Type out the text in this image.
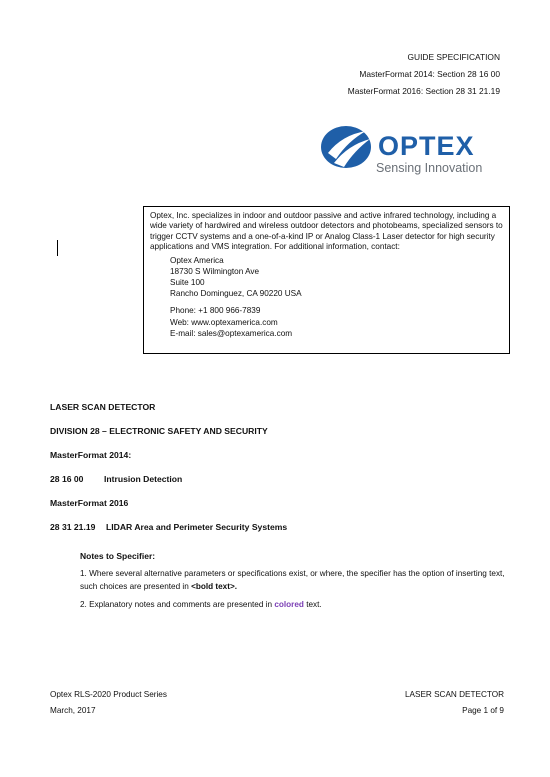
GUIDE SPECIFICATION
MasterFormat 2014: Section 28 16 00
MasterFormat 2016: Section 28 31 21.19
OPTEX
Sensing Innovation
Optex, Inc. specializes in indoor and outdoor passive and active infrared technology, including a wide variety of hardwired and wireless outdoor detectors and photobeams, specialized sensors to trigger CCTV systems and a one-of-a-kind IP or Analog Class-1 Laser detector for high security applications and VMS integration. For additional information, contact:
Optex America
18730 S Wilmington Ave
Suite 100
Rancho Dominguez, CA 90220 USA
Phone: +1 800 966-7839
Web: www.optexamerica.com
E-mail: sales@optexamerica.com
LASER SCAN DETECTOR
DIVISION 28 – ELECTRONIC SAFETY AND SECURITY
MasterFormat 2014:
28 16 00 Intrusion Detection
MasterFormat 2016
28 31 21.19 LIDAR Area and Perimeter Security Systems
Notes to Specifier:
1. Where several alternative parameters or specifications exist, or where, the specifier has the option of inserting text, such choices are presented in <bold text>.
2. Explanatory notes and comments are presented in colored text.
Optex RLS-2020 Product Series
March, 2017
LASER SCAN DETECTOR
Page 1 of 9
